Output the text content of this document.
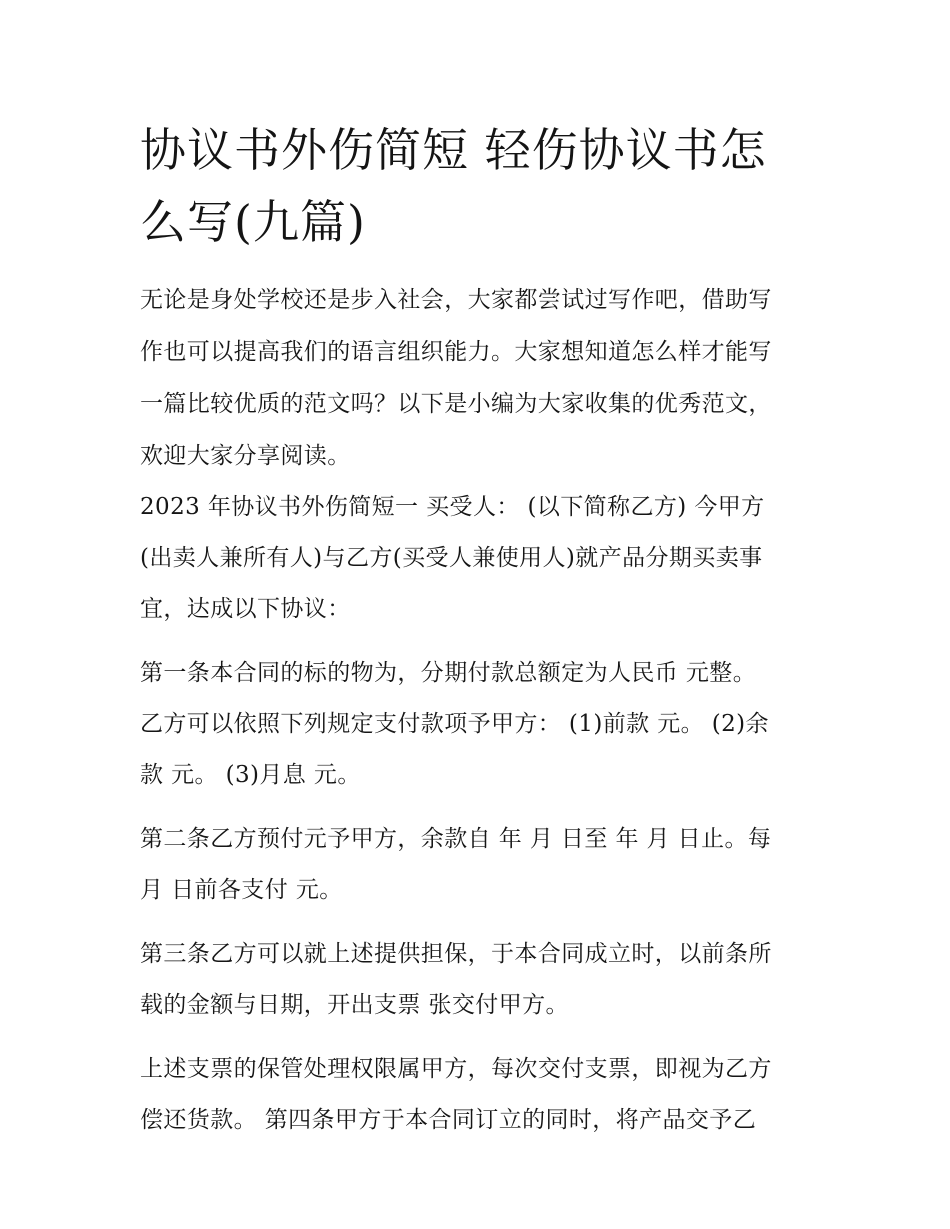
协议书外伤简短 轻伤协议书怎
么写(九篇)

无论是身处学校还是步入社会，大家都尝试过写作吧，借助写
作也可以提高我们的语言组织能力。大家想知道怎么样才能写
一篇比较优质的范文吗？以下是小编为大家收集的优秀范文，
欢迎大家分享阅读。

2023 年协议书外伤简短一 买受人： (以下简称乙方) 今甲方
(出卖人兼所有人)与乙方(买受人兼使用人)就产品分期买卖事
宜，达成以下协议：

第一条本合同的标的物为，分期付款总额定为人民币 元整。
乙方可以依照下列规定支付款项予甲方： (1)前款 元。 (2)余
款 元。 (3)月息 元。

第二条乙方预付元予甲方，余款自 年 月 日至 年 月 日止。每
月 日前各支付 元。

第三条乙方可以就上述提供担保，于本合同成立时，以前条所
载的金额与日期，开出支票 张交付甲方。

上述支票的保管处理权限属甲方，每次交付支票，即视为乙方
偿还货款。 第四条甲方于本合同订立的同时，将产品交予乙
